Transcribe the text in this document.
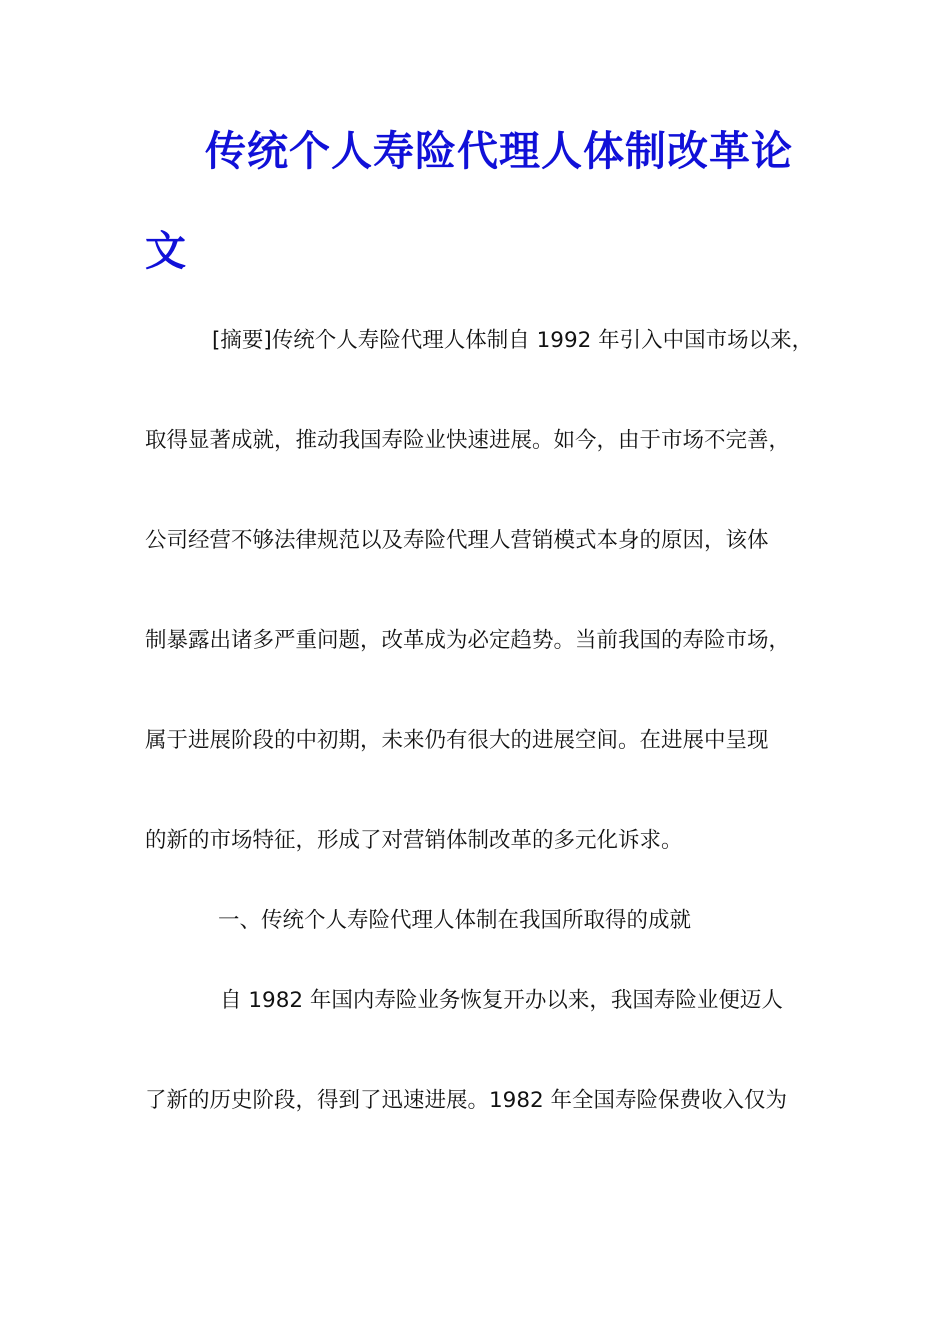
传统个人寿险代理人体制改革论
文
[摘要]传统个人寿险代理人体制自 1992 年引入中国市场以来，
取得显著成就，推动我国寿险业快速进展。如今，由于市场不完善，
公司经营不够法律规范以及寿险代理人营销模式本身的原因，该体
制暴露出诸多严重问题，改革成为必定趋势。当前我国的寿险市场，
属于进展阶段的中初期，未来仍有很大的进展空间。在进展中呈现
的新的市场特征，形成了对营销体制改革的多元化诉求。
一、传统个人寿险代理人体制在我国所取得的成就
自 1982 年国内寿险业务恢复开办以来，我国寿险业便迈人
了新的历史阶段，得到了迅速进展。1982 年全国寿险保费收入仅为
